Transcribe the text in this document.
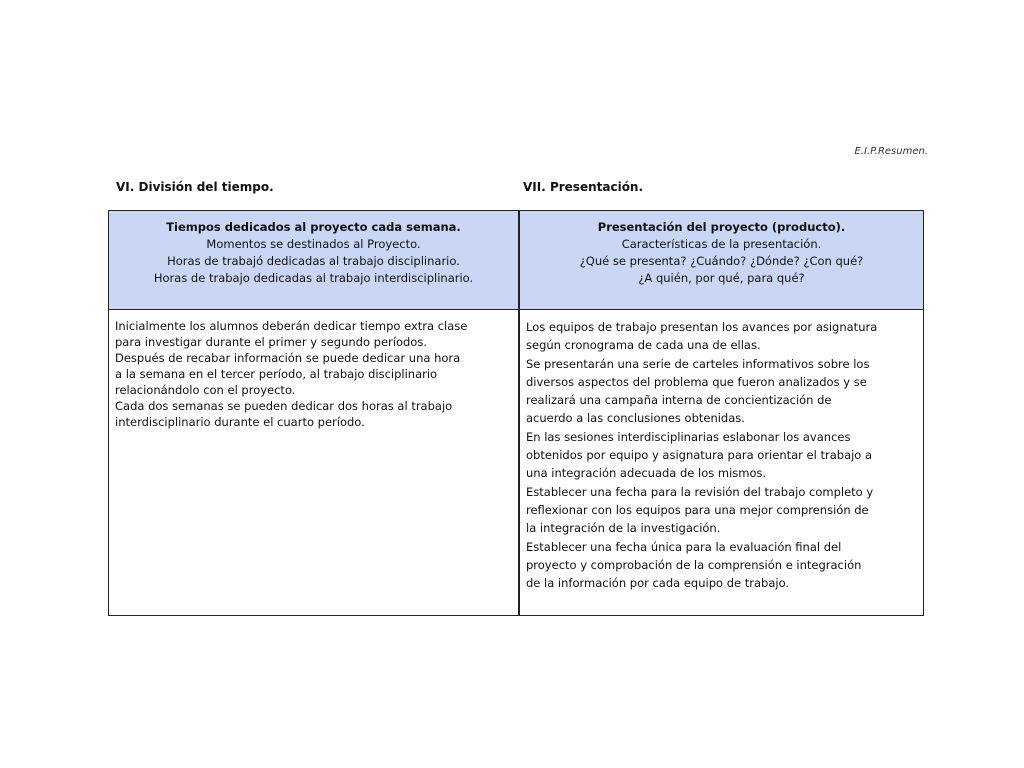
E.I.P.Resumen.
VI. División del tiempo.	VII. Presentación.
Tiempos dedicados al proyecto cada semana.
Momentos se destinados al Proyecto.
Horas de trabajó dedicadas al trabajo disciplinario.
Horas de trabajo dedicadas al trabajo interdisciplinario.
Presentación del proyecto (producto).
Características de la presentación.
¿Qué se presenta? ¿Cuándo? ¿Dónde? ¿Con qué?
¿A quién, por qué, para qué?
Inicialmente los alumnos deberán dedicar tiempo extra clase
para investigar durante el primer y segundo períodos.
Después de recabar información se puede dedicar una hora
a la semana en el tercer período, al trabajo disciplinario
relacionándolo con el proyecto.
Cada dos semanas se pueden dedicar dos horas al trabajo
interdisciplinario durante el cuarto período.
Los equipos de trabajo presentan los avances por asignatura
según cronograma de cada una de ellas.
Se presentarán una serie de carteles informativos sobre los
diversos aspectos del problema que fueron analizados y se
realizará una campaña interna de concientización de
acuerdo a las conclusiones obtenidas.
En las sesiones interdisciplinarias eslabonar los avances
obtenidos por equipo y asignatura para orientar el trabajo a
una integración adecuada de los mismos.
Establecer una fecha para la revisión del trabajo completo y
reflexionar con los equipos para una mejor comprensión de
la integración de la investigación.
Establecer una fecha única para la evaluación final del
proyecto y comprobación de la comprensión e integración
de la información por cada equipo de trabajo.
